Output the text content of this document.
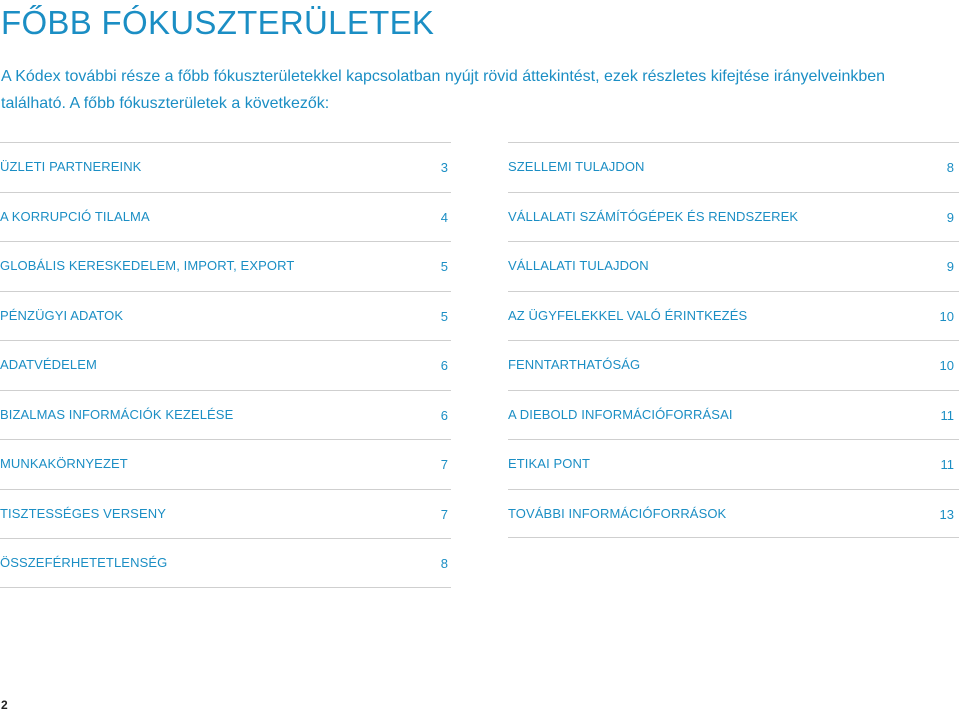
FŐBB FÓKUSZTERÜLETEK

A Kódex további része a főbb fókuszterületekkel kapcsolatban nyújt rövid áttekintést, ezek részletes kifejtése irányelveinkben található. A főbb fókuszterületek a következők:

ÜZLETI PARTNEREINK	3
A KORRUPCIÓ TILALMA	4
GLOBÁLIS KERESKEDELEM, IMPORT, EXPORT	5
PÉNZÜGYI ADATOK	5
ADATVÉDELEM	6
BIZALMAS INFORMÁCIÓK KEZELÉSE	6
MUNKAKÖRNYEZET	7
TISZTESSÉGES VERSENY	7
ÖSSZEFÉRHETETLENSÉG	8
SZELLEMI TULAJDON	8
VÁLLALATI SZÁMÍTÓGÉPEK ÉS RENDSZEREK	9
VÁLLALATI TULAJDON	9
AZ ÜGYFELEKKEL VALÓ ÉRINTKEZÉS	10
FENNTARTHATÓSÁG	10
A DIEBOLD INFORMÁCIÓFORRÁSAI	11
ETIKAI PONT	11
TOVÁBBI INFORMÁCIÓFORRÁSOK	13
2
